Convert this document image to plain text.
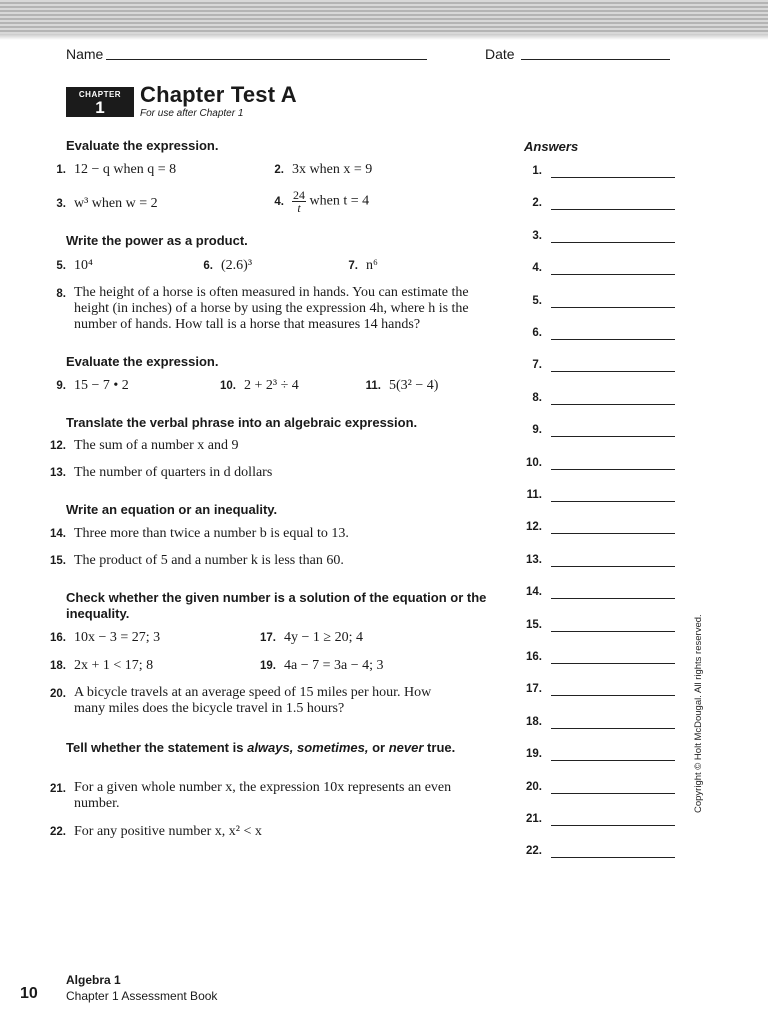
Name	Date
CHAPTER
1
Chapter Test A
For use after Chapter 1
Evaluate the expression.
1. 12 − q when q = 8	2. 3x when x = 9
3. w³ when w = 2	4. $\frac{24}{t}$ when t = 4
Write the power as a product.
5. 10⁴	6. (2.6)³	7. n⁶
8. The height of a horse is often measured in hands. You can estimate the height (in inches) of a horse by using the expression 4h, where h is the number of hands. How tall is a horse that measures 14 hands?
Evaluate the expression.
9. 15 − 7 • 2	10. 2 + 2³ ÷ 4	11. 5(3² − 4)
Translate the verbal phrase into an algebraic expression.
12. The sum of a number x and 9
13. The number of quarters in d dollars
Write an equation or an inequality.
14. Three more than twice a number b is equal to 13.
15. The product of 5 and a number k is less than 60.
Check whether the given number is a solution of the equation or the inequality.
16. 10x − 3 = 27; 3	17. 4y − 1 ≥ 20; 4
18. 2x + 1 < 17; 8	19. 4a − 7 = 3a − 4; 3
20. A bicycle travels at an average speed of 15 miles per hour. How many miles does the bicycle travel in 1.5 hours?
Tell whether the statement is always, sometimes, or never true.
21. For a given whole number x, the expression 10x represents an even number.
22. For any positive number x, x² < x
Answers
1.
2.
3.
4.
5.
6.
7.
8.
9.
10.
11.
12.
13.
14.
15.
16.
17.
18.
19.
20.
21.
22.
Copyright © Holt McDougal. All rights reserved.
10
Algebra 1
Chapter 1 Assessment Book
